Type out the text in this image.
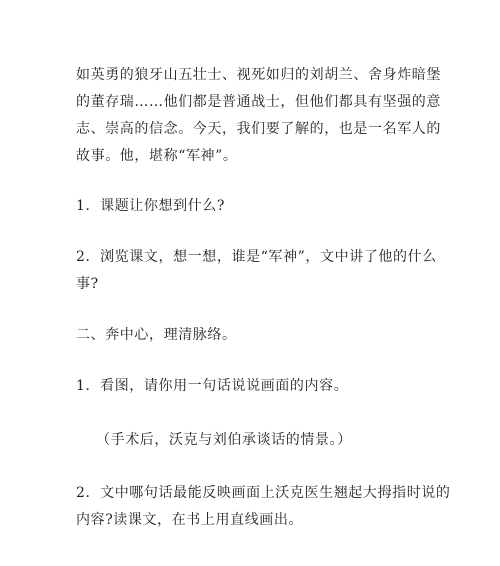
如英勇的狼牙山五壮士、视死如归的刘胡兰、舍身炸暗堡
的董存瑞……他们都是普通战士，但他们都具有坚强的意
志、崇高的信念。今天，我们要了解的，也是一名军人的
故事。他，堪称“军神”。
1．课题让你想到什么?
2．浏览课文，想一想，谁是“军神”，文中讲了他的什么
事?
二、奔中心，理清脉络。
1．看图，请你用一句话说说画面的内容。
（手术后，沃克与刘伯承谈话的情景。）
2．文中哪句话最能反映画面上沃克医生翘起大拇指时说的
内容?读课文，在书上用直线画出。
